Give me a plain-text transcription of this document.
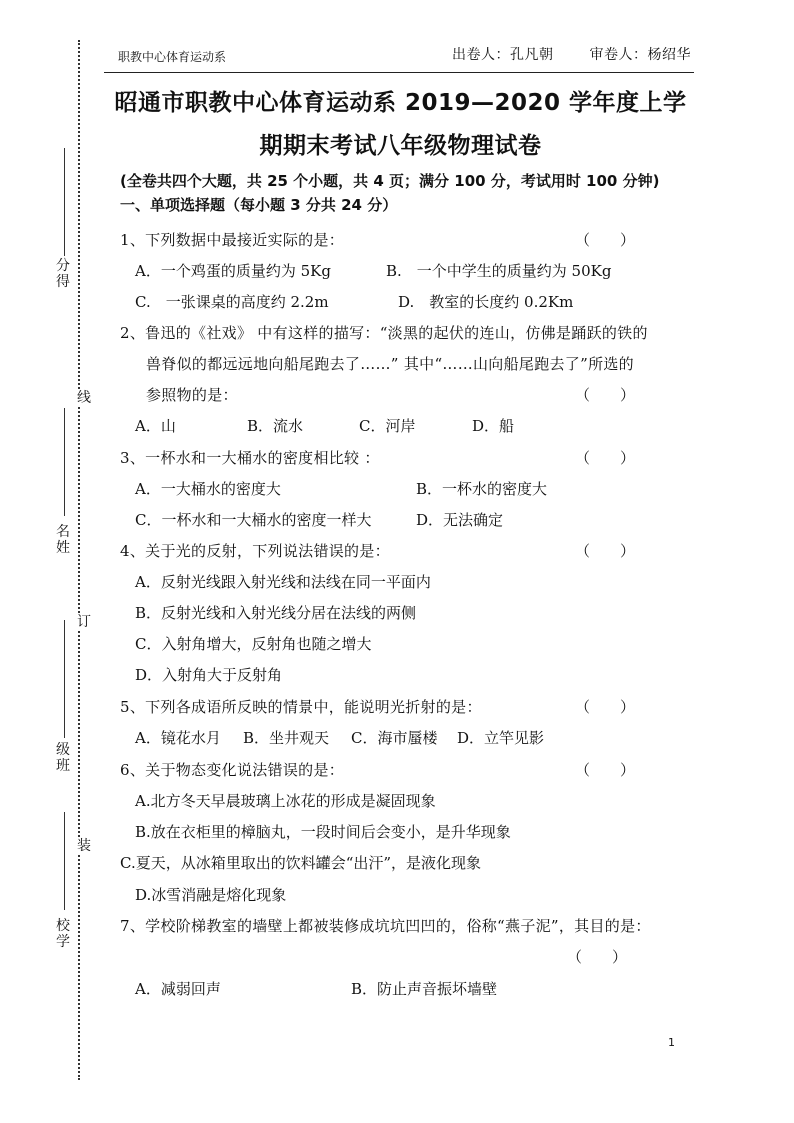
分
得
线
名
姓
订
级
班
装
校
学
职教中心体育运动系	出卷人：孔凡朝	审卷人：杨绍华
昭通市职教中心体育运动系 2019—2020 学年度上学
期期末考试八年级物理试卷
(全卷共四个大题，共 25 个小题，共 4 页；满分 100 分，考试用时 100 分钟)
一、单项选择题（每小题 3 分共 24 分）
1、下列数据中最接近实际的是：	（　　）
A．一个鸡蛋的质量约为 5Kg	B.　一个中学生的质量约为 50Kg
C.　一张课桌的高度约 2.2m	D.　教室的长度约 0.2Km
2、鲁迅的《社戏》 中有这样的描写：“淡黑的起伏的连山，仿佛是踊跃的铁的
兽脊似的都远远地向船尾跑去了……” 其中“……山向船尾跑去了”所选的
参照物的是：	（　　）
A．山	B．流水	C．河岸	D．船
3、一杯水和一大桶水的密度相比较 ：	（　　）
A．一大桶水的密度大	B．一杯水的密度大
C．一杯水和一大桶水的密度一样大	D．无法确定
4、关于光的反射，下列说法错误的是：	（　　）
A．反射光线跟入射光线和法线在同一平面内
B．反射光线和入射光线分居在法线的两侧
C．入射角增大，反射角也随之增大
D．入射角大于反射角
5、下列各成语所反映的情景中，能说明光折射的是：	（　　）
A．镜花水月 B．坐井观天 C．海市蜃楼 D．立竿见影
6、关于物态变化说法错误的是：	（　　）
A.北方冬天早晨玻璃上冰花的形成是凝固现象
B.放在衣柜里的樟脑丸，一段时间后会变小，是升华现象
C.夏天，从冰箱里取出的饮料罐会“出汗”，是液化现象
D.冰雪消融是熔化现象
7、学校阶梯教室的墙壁上都被装修成坑坑凹凹的，俗称“燕子泥”，其目的是：
（　　）
A．减弱回声	B．防止声音振坏墙壁
1
